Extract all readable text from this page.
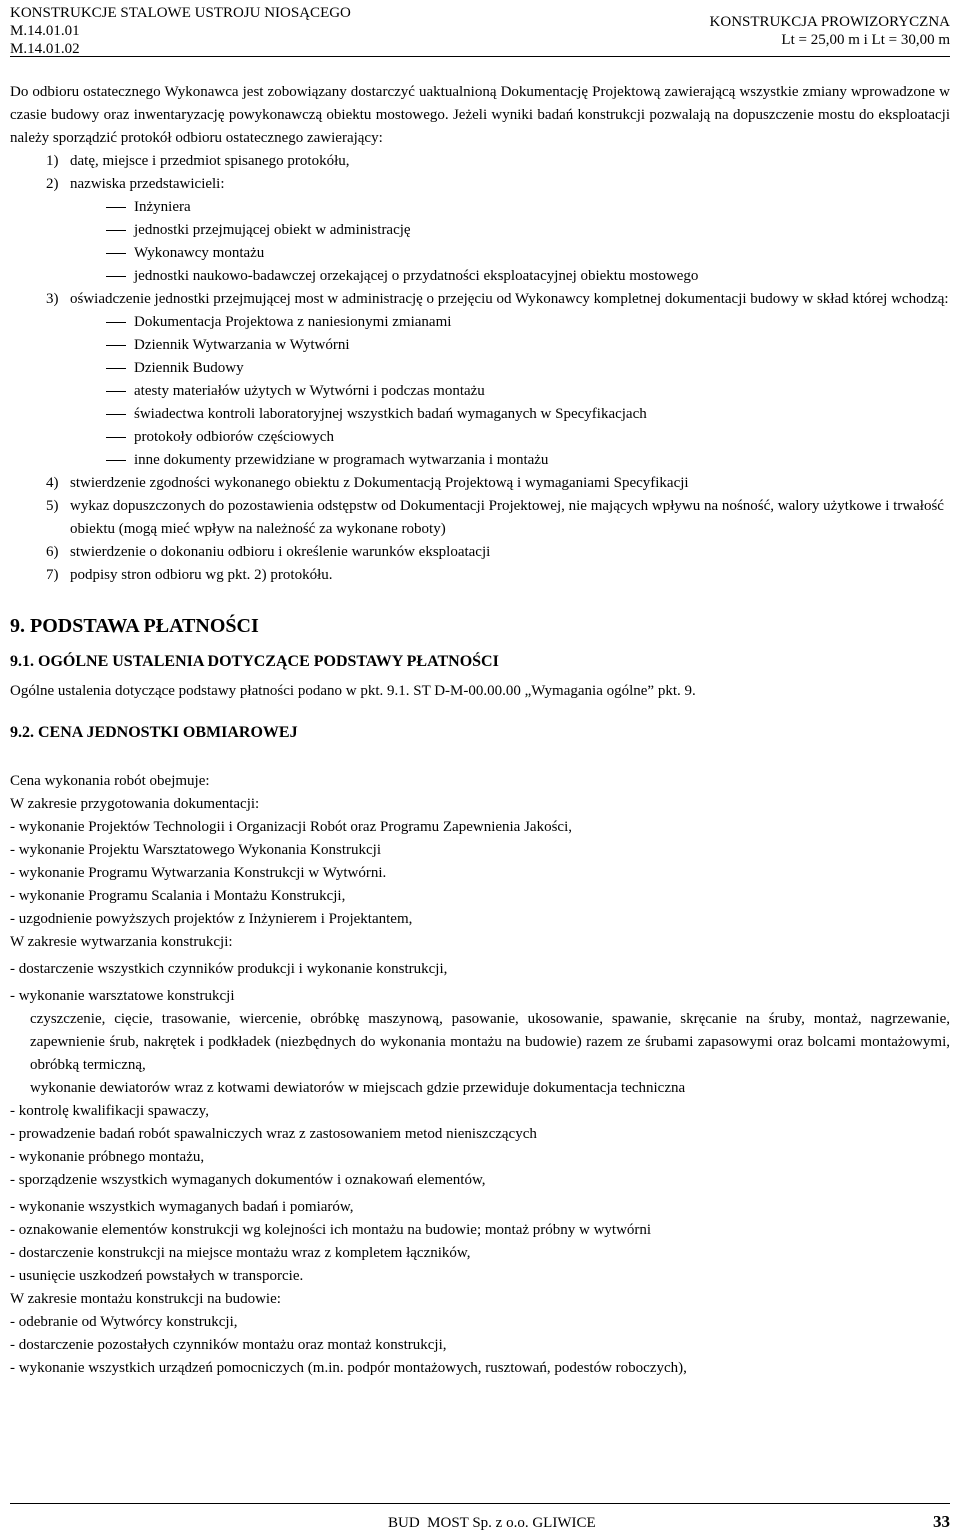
KONSTRUKCJE STALOWE USTROJU NIOSĄCEGO
M.14.01.01
M.14.01.02
KONSTRUKCJA PROWIZORYCZNA
Lt = 25,00 m i Lt = 30,00 m

Do odbioru ostatecznego Wykonawca jest zobowiązany dostarczyć uaktualnioną Dokumentację Projektową zawierającą wszystkie zmiany wprowadzone w czasie budowy oraz inwentaryzację powykonawczą obiektu mostowego. Jeżeli wyniki badań konstrukcji pozwalają na dopuszczenie mostu do eksploatacji należy sporządzić protokół odbioru ostatecznego zawierający:

1) datę, miejsce i przedmiot spisanego protokółu,
2) nazwiska przedstawicieli:
Inżyniera
jednostki przejmującej obiekt w administrację
Wykonawcy montażu
jednostki naukowo-badawczej orzekającej o przydatności eksploatacyjnej obiektu mostowego
3) oświadczenie jednostki przejmującej most w administrację o przejęciu od Wykonawcy kompletnej dokumentacji budowy w skład której wchodzą:
Dokumentacja Projektowa z naniesionymi zmianami
Dziennik Wytwarzania w Wytwórni
Dziennik Budowy
atesty materiałów użytych w Wytwórni i podczas montażu
świadectwa kontroli laboratoryjnej wszystkich badań wymaganych w Specyfikacjach
protokoły odbiorów częściowych
inne dokumenty przewidziane w programach wytwarzania i montażu
4) stwierdzenie zgodności wykonanego obiektu z Dokumentacją Projektową i wymaganiami Specyfikacji
5) wykaz dopuszczonych do pozostawienia odstępstw od Dokumentacji Projektowej, nie mających wpływu na nośność, walory użytkowe i trwałość obiektu (mogą mieć wpływ na należność za wykonane roboty)
6) stwierdzenie o dokonaniu odbioru i określenie warunków eksploatacji
7) podpisy stron odbioru wg pkt. 2) protokółu.
9. PODSTAWA PŁATNOŚCI
9.1. OGÓLNE USTALENIA DOTYCZĄCE PODSTAWY PŁATNOŚCI

Ogólne ustalenia dotyczące podstawy płatności podano w pkt. 9.1. ST D-M-00.00.00 „Wymagania ogólne” pkt. 9.

9.2. CENA JEDNOSTKI OBMIAROWEJ

Cena wykonania robót obejmuje:

W zakresie przygotowania dokumentacji:

- wykonanie Projektów Technologii i Organizacji Robót oraz Programu Zapewnienia Jakości,

- wykonanie Projektu Warsztatowego Wykonania Konstrukcji

- wykonanie Programu Wytwarzania Konstrukcji w Wytwórni.

- wykonanie Programu Scalania i Montażu Konstrukcji,

- uzgodnienie powyższych projektów z Inżynierem i Projektantem,

W zakresie wytwarzania konstrukcji:

- dostarczenie wszystkich czynników produkcji i wykonanie konstrukcji,

- wykonanie warsztatowe konstrukcji

czyszczenie, cięcie, trasowanie, wiercenie, obróbkę maszynową, pasowanie, ukosowanie, spawanie, skręcanie na śruby, montaż, nagrzewanie, zapewnienie śrub, nakrętek i podkładek (niezbędnych do wykonania montażu na budowie) razem ze śrubami zapasowymi oraz bolcami montażowymi, obróbką termiczną,

wykonanie dewiatorów wraz z kotwami dewiatorów w miejscach gdzie przewiduje dokumentacja techniczna

- kontrolę kwalifikacji spawaczy,

- prowadzenie badań robót spawalniczych wraz z zastosowaniem metod nieniszczących

- wykonanie próbnego montażu,

- sporządzenie wszystkich wymaganych dokumentów i oznakowań elementów,

- wykonanie wszystkich wymaganych badań i pomiarów,

- oznakowanie elementów konstrukcji wg kolejności ich montażu na budowie; montaż próbny w wytwórni

- dostarczenie konstrukcji na miejsce montażu wraz z kompletem łączników,

- usunięcie uszkodzeń powstałych w transporcie.

W zakresie montażu konstrukcji na budowie:

- odebranie od Wytwórcy konstrukcji,

- dostarczenie pozostałych czynników montażu oraz montaż konstrukcji,

- wykonanie wszystkich urządzeń pomocniczych (m.in. podpór montażowych, rusztowań, podestów roboczych),

BUD  MOST Sp. z o.o. GLIWICE	33
